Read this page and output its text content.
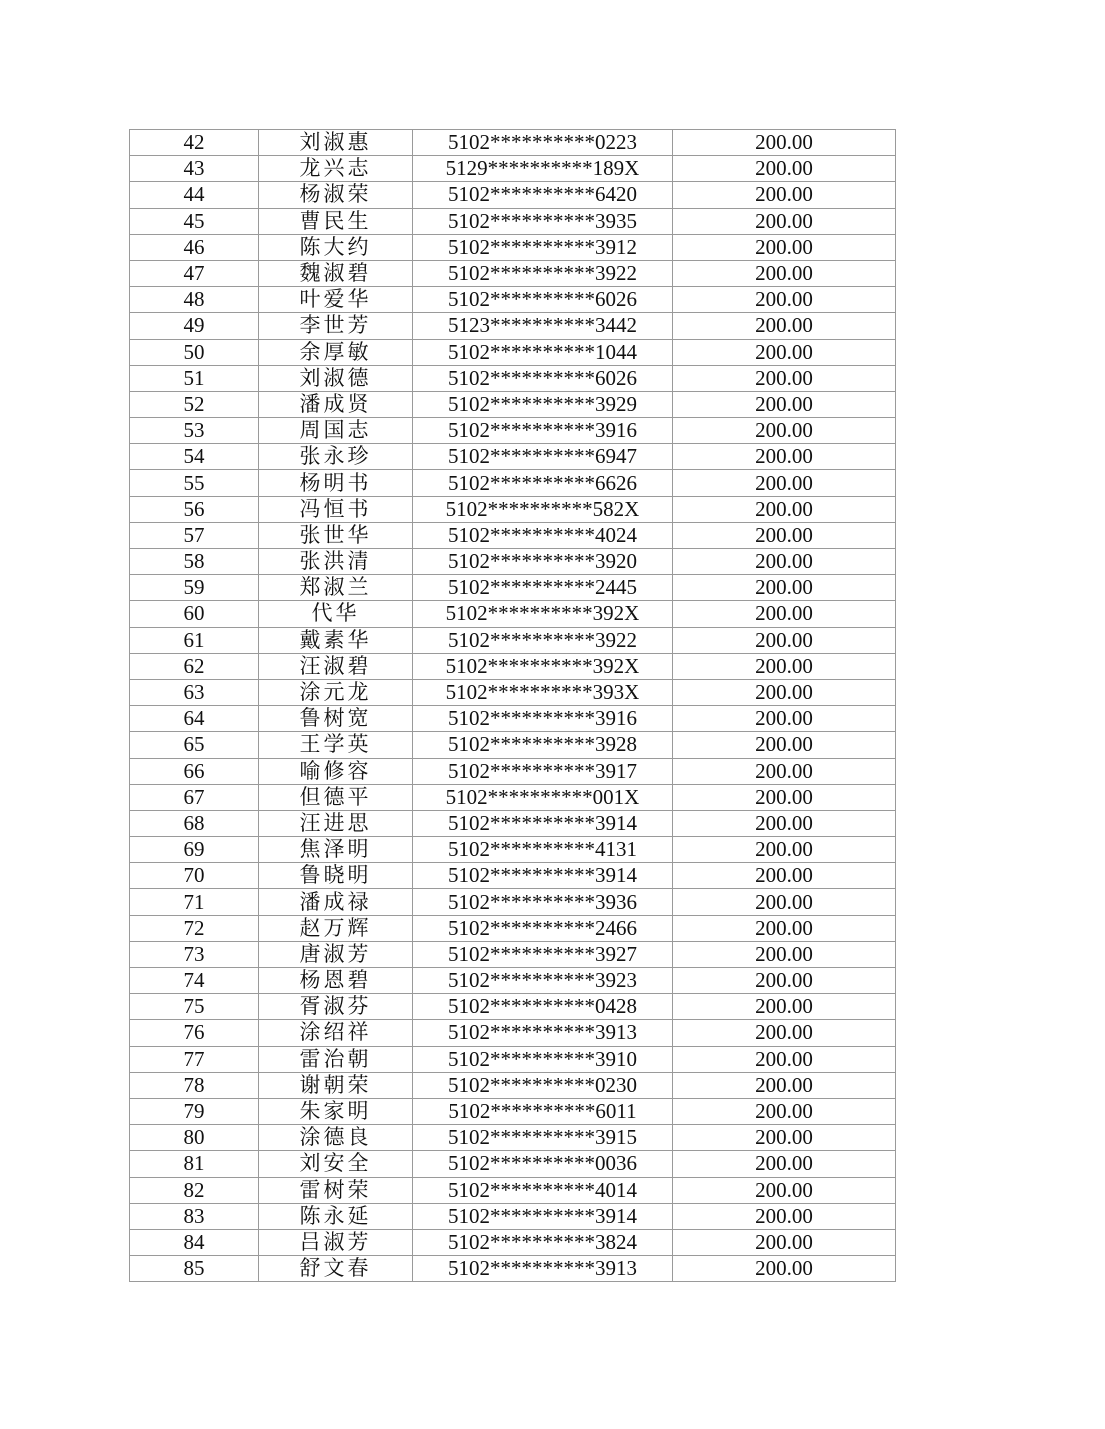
42	刘淑惠	5102**********0223	200.00
43	龙兴志	5129**********189X	200.00
44	杨淑荣	5102**********6420	200.00
45	曹民生	5102**********3935	200.00
46	陈大约	5102**********3912	200.00
47	魏淑碧	5102**********3922	200.00
48	叶爱华	5102**********6026	200.00
49	李世芳	5123**********3442	200.00
50	余厚敏	5102**********1044	200.00
51	刘淑德	5102**********6026	200.00
52	潘成贤	5102**********3929	200.00
53	周国志	5102**********3916	200.00
54	张永珍	5102**********6947	200.00
55	杨明书	5102**********6626	200.00
56	冯恒书	5102**********582X	200.00
57	张世华	5102**********4024	200.00
58	张洪清	5102**********3920	200.00
59	郑淑兰	5102**********2445	200.00
60	代华	5102**********392X	200.00
61	戴素华	5102**********3922	200.00
62	汪淑碧	5102**********392X	200.00
63	涂元龙	5102**********393X	200.00
64	鲁树宽	5102**********3916	200.00
65	王学英	5102**********3928	200.00
66	喻修容	5102**********3917	200.00
67	但德平	5102**********001X	200.00
68	汪进思	5102**********3914	200.00
69	焦泽明	5102**********4131	200.00
70	鲁晓明	5102**********3914	200.00
71	潘成禄	5102**********3936	200.00
72	赵万辉	5102**********2466	200.00
73	唐淑芳	5102**********3927	200.00
74	杨恩碧	5102**********3923	200.00
75	胥淑芬	5102**********0428	200.00
76	涂绍祥	5102**********3913	200.00
77	雷治朝	5102**********3910	200.00
78	谢朝荣	5102**********0230	200.00
79	朱家明	5102**********6011	200.00
80	涂德良	5102**********3915	200.00
81	刘安全	5102**********0036	200.00
82	雷树荣	5102**********4014	200.00
83	陈永延	5102**********3914	200.00
84	吕淑芳	5102**********3824	200.00
85	舒文春	5102**********3913	200.00
